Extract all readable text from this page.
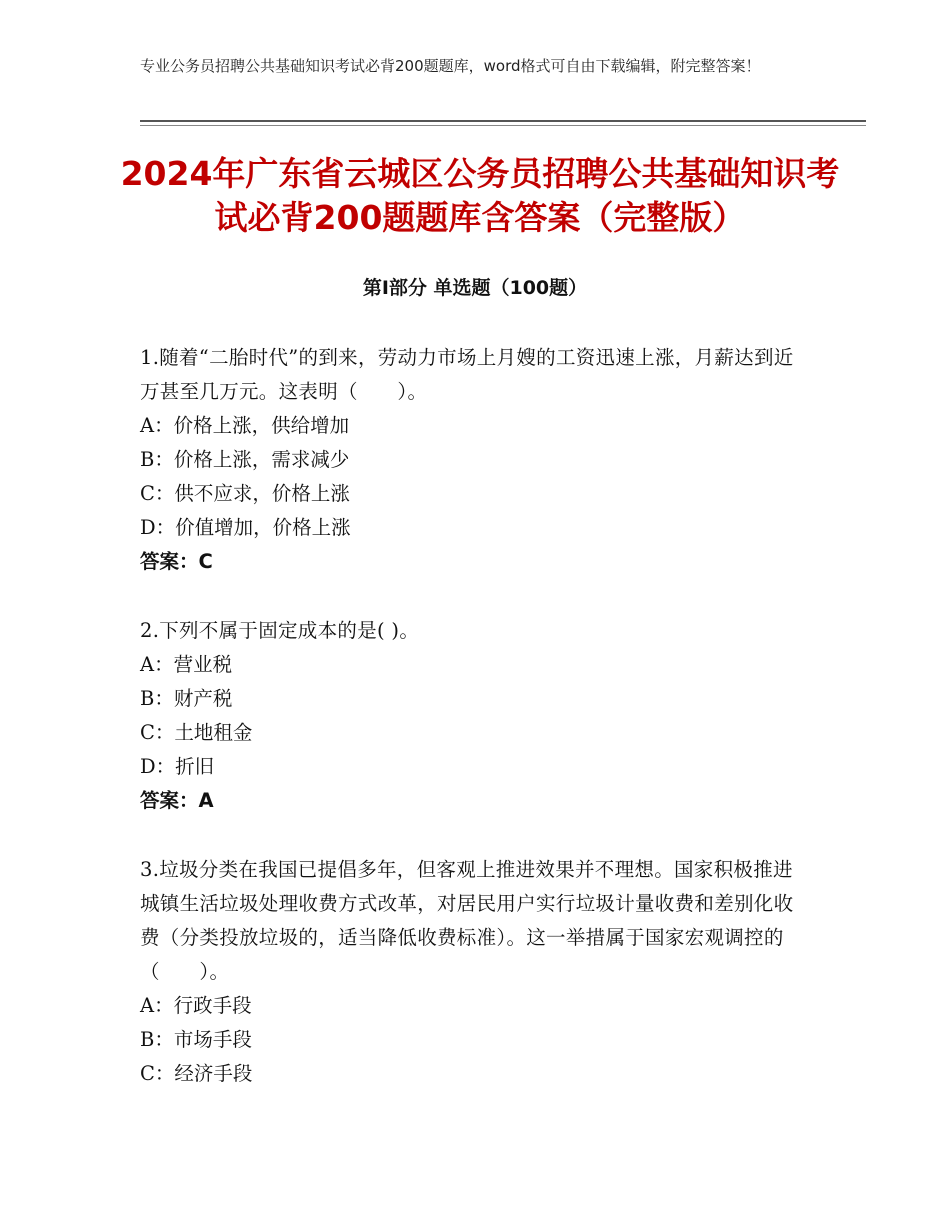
专业公务员招聘公共基础知识考试必背200题题库，word格式可自由下载编辑，附完整答案！
2024年广东省云城区公务员招聘公共基础知识考试必背200题题库含答案（完整版）
第Ⅰ部分 单选题（100题）
1.随着“二胎时代”的到来，劳动力市场上月嫂的工资迅速上涨，月薪达到近万甚至几万元。这表明（　　）。
A：价格上涨，供给增加
B：价格上涨，需求减少
C：供不应求，价格上涨
D：价值增加，价格上涨
答案：C
2.下列不属于固定成本的是( )。
A：营业税
B：财产税
C：土地租金
D：折旧
答案：A
3.垃圾分类在我国已提倡多年，但客观上推进效果并不理想。国家积极推进城镇生活垃圾处理收费方式改革，对居民用户实行垃圾计量收费和差别化收费（分类投放垃圾的，适当降低收费标准）。这一举措属于国家宏观调控的（　　）。
A：行政手段
B：市场手段
C：经济手段
